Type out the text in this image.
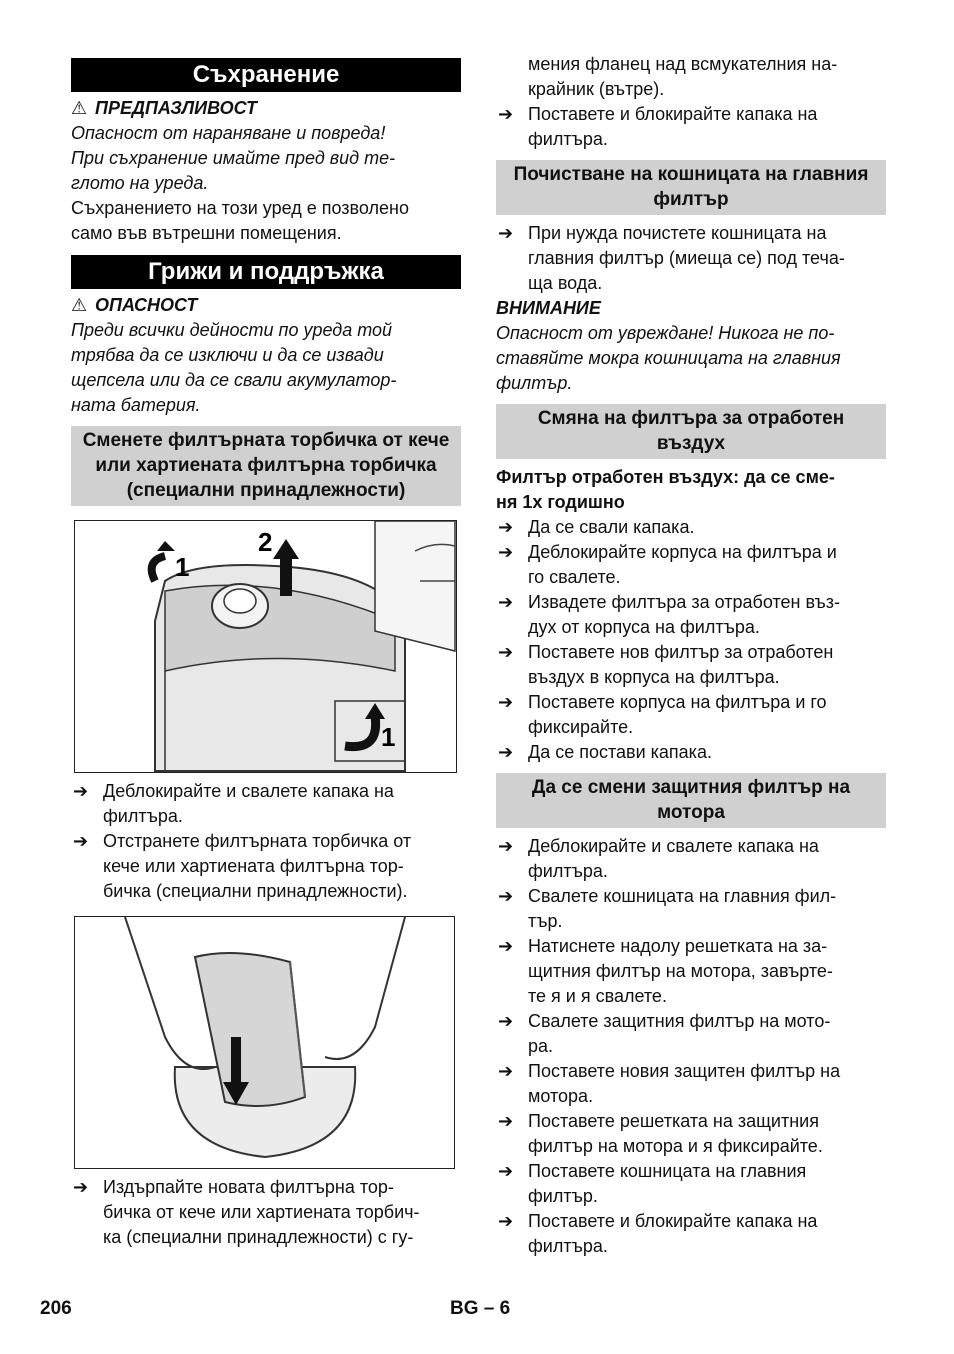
Съхранение
⚠ ПРЕДПАЗЛИВОСТ
Опасност от нараняване и повреда!
При съхранение имайте пред вид те-
глото на уреда.
Съхранението на този уред е позволено
само във вътрешни помещения.
Грижи и поддръжка
⚠ ОПАСНОСТ
Преди всички дейности по уреда той
трябва да се изключи и да се извади
щепсела или да се свали акумулатор-
ната батерия.
Сменете филтърната торбичка от кече или хартиената филтърна торбичка (специални принадлежности)
1
2
1
➔ Деблокирайте и свалете капака на
филтъра.
➔ Отстранете филтърната торбичка от
кече или хартиената филтърна тор-
бичка (специални принадлежности).
➔ Издърпайте новата филтърна тор-
бичка от кече или хартиената торбич-
ка (специални принадлежности) с гу-
мения фланец над всмукателния на-
крайник (вътре).
➔ Поставете и блокирайте капака на
филтъра.
Почистване на кошницата на главния филтър
➔ При нужда почистете кошницата на
главния филтър (миеща се) под теча-
ща вода.
ВНИМАНИЕ
Опасност от увреждане! Никога не по-
ставяйте мокра кошницата на главния
филтър.
Смяна на филтъра за отработен въздух
Филтър отработен въздух: да се сме-
ня 1х годишно
➔ Да се свали капака.
➔ Деблокирайте корпуса на филтъра и
го свалете.
➔ Извадете филтъра за отработен въз-
дух от корпуса на филтъра.
➔ Поставете нов филтър за отработен
въздух в корпуса на филтъра.
➔ Поставете корпуса на филтъра и го
фиксирайте.
➔ Да се постави капака.
Да се смени защитния филтър на мотора
➔ Деблокирайте и свалете капака на
филтъра.
➔ Свалете кошницата на главния фил-
тър.
➔ Натиснете надолу решетката на за-
щитния филтър на мотора, завърте-
те я и я свалете.
➔ Свалете защитния филтър на мото-
ра.
➔ Поставете новия защитен филтър на
мотора.
➔ Поставете решетката на защитния
филтър на мотора и я фиксирайте.
➔ Поставете кошницата на главния
филтър.
➔ Поставете и блокирайте капака на
филтъра.
206	BG – 6
